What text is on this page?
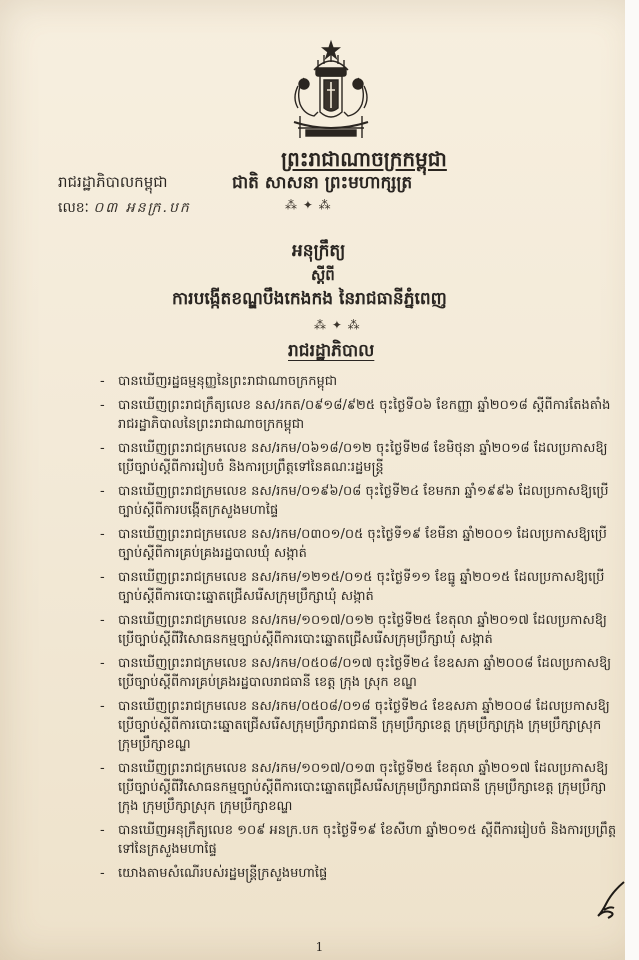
ព្រះរាជាណាចក្រកម្ពុជា
ជាតិ សាសនា ព្រះមហាក្សត្រ
⁂ ✦ ⁂
រាជរដ្ឋាភិបាលកម្ពុជា
លេខៈ ០៣ អនក្រ.បក
អនុក្រឹត្យ
ស្ដីពី
ការបង្កើតខណ្ឌបឹងកេងកង នៃរាជធានីភ្នំពេញ
⁂ ✦ ⁂
រាជរដ្ឋាភិបាល
- បានឃើញរដ្ឋធម្មនុញ្ញនៃព្រះរាជាណាចក្រកម្ពុជា
- បានឃើញព្រះរាជក្រឹត្យលេខ នស/រកត/០៩១៨/៩២៥ ចុះថ្ងៃទី០៦ ខែកញ្ញា ឆ្នាំ២០១៨ ស្តីពីការតែងតាំងរាជរដ្ឋាភិបាលនៃព្រះរាជាណាចក្រកម្ពុជា
- បានឃើញព្រះរាជក្រមលេខ នស/រកម/០៦១៨/០១២ ចុះថ្ងៃទី២៨ ខែមិថុនា ឆ្នាំ២០១៨ ដែលប្រកាសឱ្យប្រើច្បាប់ស្តីពីការរៀបចំ និងការប្រព្រឹត្តទៅនៃគណៈរដ្ឋមន្ត្រី
- បានឃើញព្រះរាជក្រមលេខ នស/រកម/០១៩៦/០៨ ចុះថ្ងៃទី២៤ ខែមករា ឆ្នាំ១៩៩៦ ដែលប្រកាសឱ្យប្រើច្បាប់ស្តីពីការបង្កើតក្រសួងមហាផ្ទៃ
- បានឃើញព្រះរាជក្រមលេខ នស/រកម/០៣០១/០៥ ចុះថ្ងៃទី១៩ ខែមីនា ឆ្នាំ២០០១ ដែលប្រកាសឱ្យប្រើច្បាប់ស្តីពីការគ្រប់គ្រងរដ្ឋបាលឃុំ សង្កាត់
- បានឃើញព្រះរាជក្រមលេខ នស/រកម/១២១៥/០១៥ ចុះថ្ងៃទី១១ ខែធ្នូ ឆ្នាំ២០១៥ ដែលប្រកាសឱ្យប្រើច្បាប់ស្តីពីការបោះឆ្នោតជ្រើសរើសក្រុមប្រឹក្សាឃុំ សង្កាត់
- បានឃើញព្រះរាជក្រមលេខ នស/រកម/១០១៧/០១២ ចុះថ្ងៃទី២៥ ខែតុលា ឆ្នាំ២០១៧ ដែលប្រកាសឱ្យប្រើច្បាប់ស្តីពីវិសោធនកម្មច្បាប់ស្តីពីការបោះឆ្នោតជ្រើសរើសក្រុមប្រឹក្សាឃុំ សង្កាត់
- បានឃើញព្រះរាជក្រមលេខ នស/រកម/០៥០៨/០១៧ ចុះថ្ងៃទី២៤ ខែឧសភា ឆ្នាំ២០០៨ ដែលប្រកាសឱ្យប្រើច្បាប់ស្តីពីការគ្រប់គ្រងរដ្ឋបាលរាជធានី ខេត្ត ក្រុង ស្រុក ខណ្ឌ
- បានឃើញព្រះរាជក្រមលេខ នស/រកម/០៥០៨/០១៨ ចុះថ្ងៃទី២៤ ខែឧសភា ឆ្នាំ២០០៨ ដែលប្រកាសឱ្យប្រើច្បាប់ស្តីពីការបោះឆ្នោតជ្រើសរើសក្រុមប្រឹក្សារាជធានី ក្រុមប្រឹក្សាខេត្ត ក្រុមប្រឹក្សាក្រុង ក្រុមប្រឹក្សាស្រុក ក្រុមប្រឹក្សាខណ្ឌ
- បានឃើញព្រះរាជក្រមលេខ នស/រកម/១០១៧/០១៣ ចុះថ្ងៃទី២៥ ខែតុលា ឆ្នាំ២០១៧ ដែលប្រកាសឱ្យប្រើច្បាប់ស្តីពីវិសោធនកម្មច្បាប់ស្តីពីការបោះឆ្នោតជ្រើសរើសក្រុមប្រឹក្សារាជធានី ក្រុមប្រឹក្សាខេត្ត ក្រុមប្រឹក្សាក្រុង ក្រុមប្រឹក្សាស្រុក ក្រុមប្រឹក្សាខណ្ឌ
- បានឃើញអនុក្រឹត្យលេខ ១០៩ អនក្រ.បក ចុះថ្ងៃទី១៩ ខែសីហា ឆ្នាំ២០១៥ ស្តីពីការរៀបចំ និងការប្រព្រឹត្តទៅនៃក្រសួងមហាផ្ទៃ
- យោងតាមសំណើរបស់រដ្ឋមន្ត្រីក្រសួងមហាផ្ទៃ
1
